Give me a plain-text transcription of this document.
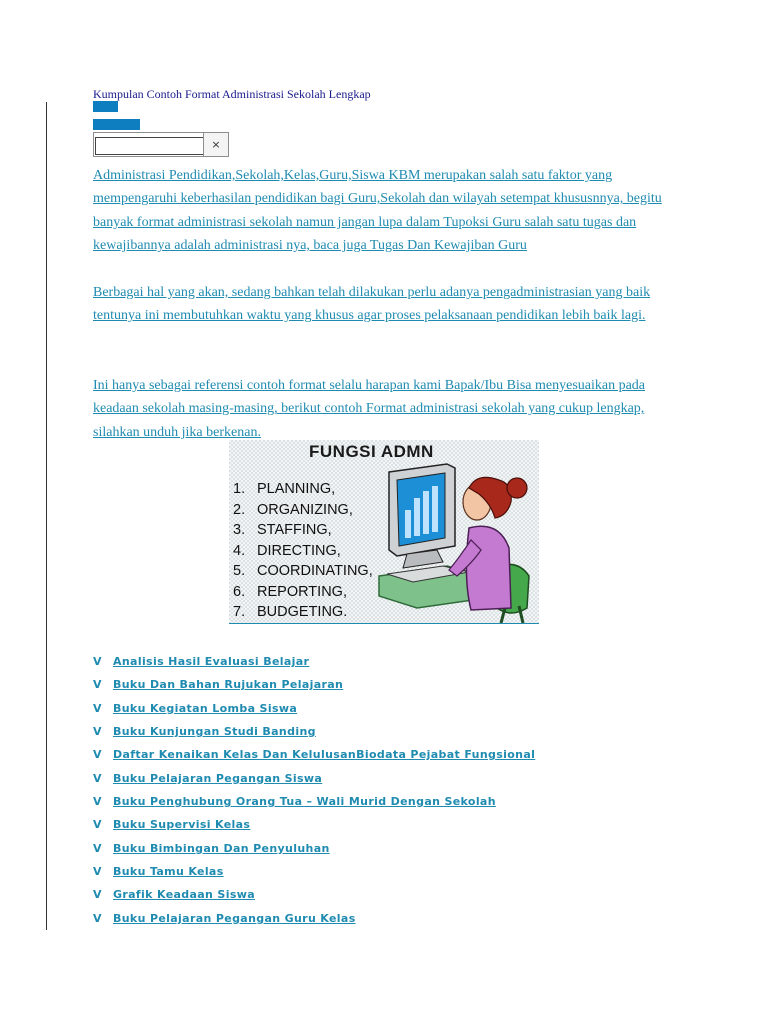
Kumpulan Contoh Format Administrasi Sekolah Lengkap
Home
Search
×

Administrasi Pendidikan,Sekolah,Kelas,Guru,Siswa KBM merupakan salah satu faktor yang mempengaruhi keberhasilan pendidikan bagi Guru,Sekolah dan wilayah setempat khususnnya, begitu banyak format administrasi sekolah namun jangan lupa dalam Tupoksi Guru salah satu tugas dan kewajibannya adalah administrasi nya, baca juga Tugas Dan Kewajiban Guru

Berbagai hal yang akan, sedang bahkan telah dilakukan perlu adanya pengadministrasian yang baik tentunya ini membutuhkan waktu yang khusus agar proses pelaksanaan pendidikan lebih baik lagi.

Ini hanya sebagai referensi contoh format selalu harapan kami Bapak/Ibu Bisa menyesuaikan pada keadaan sekolah masing-masing, berikut contoh Format administrasi sekolah yang cukup lengkap, silahkan unduh jika berkenan.

FUNGSI ADMN
1. PLANNING,
2. ORGANIZING,
3. STAFFING,
4. DIRECTING,
5. COORDINATING,
6. REPORTING,
7. BUDGETING.
V Analisis Hasil Evaluasi Belajar
V Buku Dan Bahan Rujukan Pelajaran
V Buku Kegiatan Lomba Siswa
V Buku Kunjungan Studi Banding
V Daftar Kenaikan Kelas Dan KelulusanBiodata Pejabat Fungsional
V Buku Pelajaran Pegangan Siswa
V Buku Penghubung Orang Tua – Wali Murid Dengan Sekolah
V Buku Supervisi Kelas
V Buku Bimbingan Dan Penyuluhan
V Buku Tamu Kelas
V Grafik Keadaan Siswa
V Buku Pelajaran Pegangan Guru Kelas
